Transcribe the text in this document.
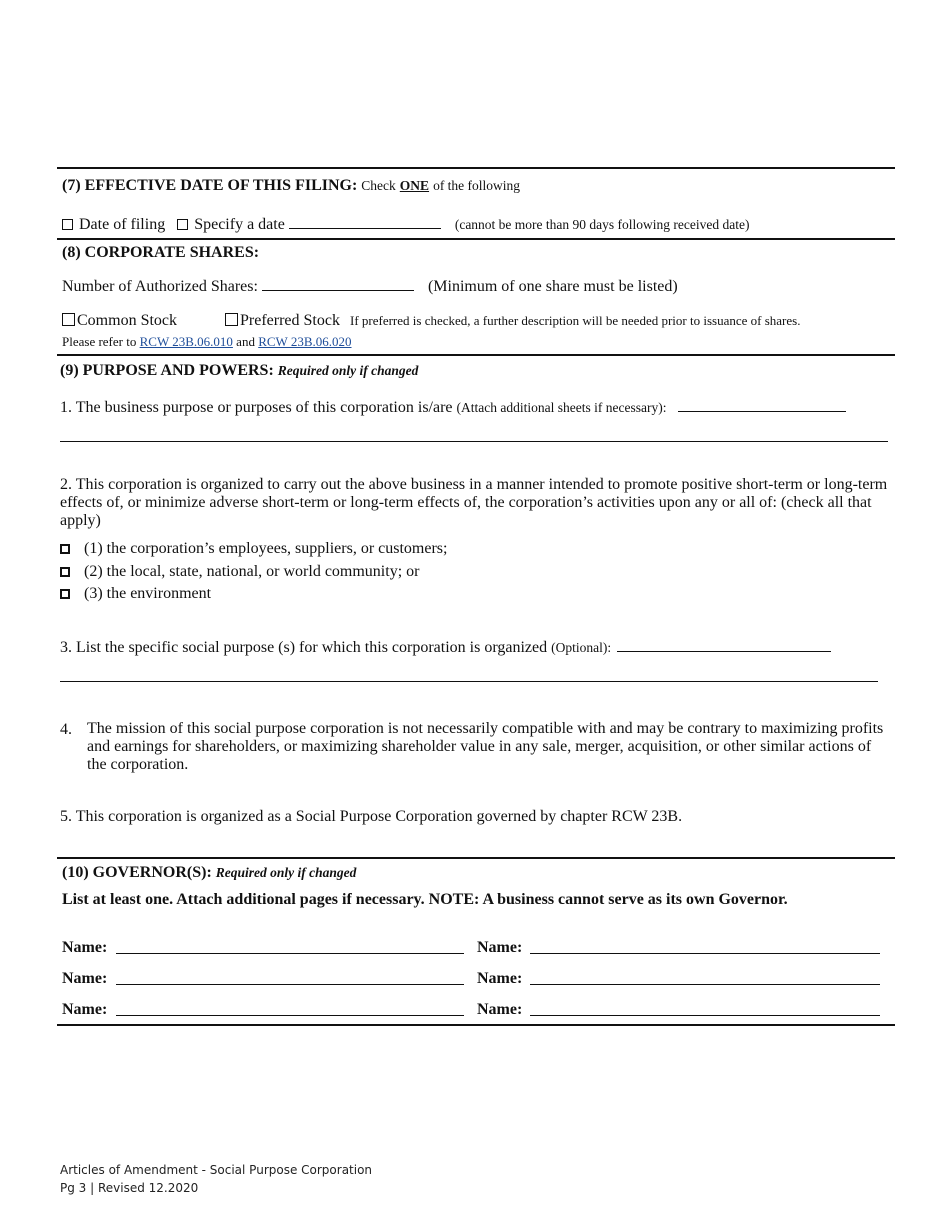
(7) EFFECTIVE DATE OF THIS FILING: Check ONE of the following
Date of filing Specify a date	(cannot be more than 90 days following received date)
(8) CORPORATE SHARES:
Number of Authorized Shares:	(Minimum of one share must be listed)
Common Stock	Preferred Stock If preferred is checked, a further description will be needed prior to issuance of shares.
Please refer to RCW 23B.06.010 and RCW 23B.06.020
(9) PURPOSE AND POWERS: Required only if changed
1. The business purpose or purposes of this corporation is/are (Attach additional sheets if necessary):
2. This corporation is organized to carry out the above business in a manner intended to promote positive short-term or long-term effects of, or minimize adverse short-term or long-term effects of, the corporation’s activities upon any or all of: (check all that apply)
(1) the corporation’s employees, suppliers, or customers;
(2) the local, state, national, or world community; or
(3) the environment
3. List the specific social purpose (s) for which this corporation is organized (Optional):
4. The mission of this social purpose corporation is not necessarily compatible with and may be contrary to maximizing profits and earnings for shareholders, or maximizing shareholder value in any sale, merger, acquisition, or other similar actions of the corporation.
5. This corporation is organized as a Social Purpose Corporation governed by chapter RCW 23B.
(10) GOVERNOR(S): Required only if changed
List at least one. Attach additional pages if necessary. NOTE: A business cannot serve as its own Governor.
Name:	Name:
Name:	Name:
Name:	Name:
Articles of Amendment - Social Purpose Corporation
Pg 3 | Revised 12.2020
